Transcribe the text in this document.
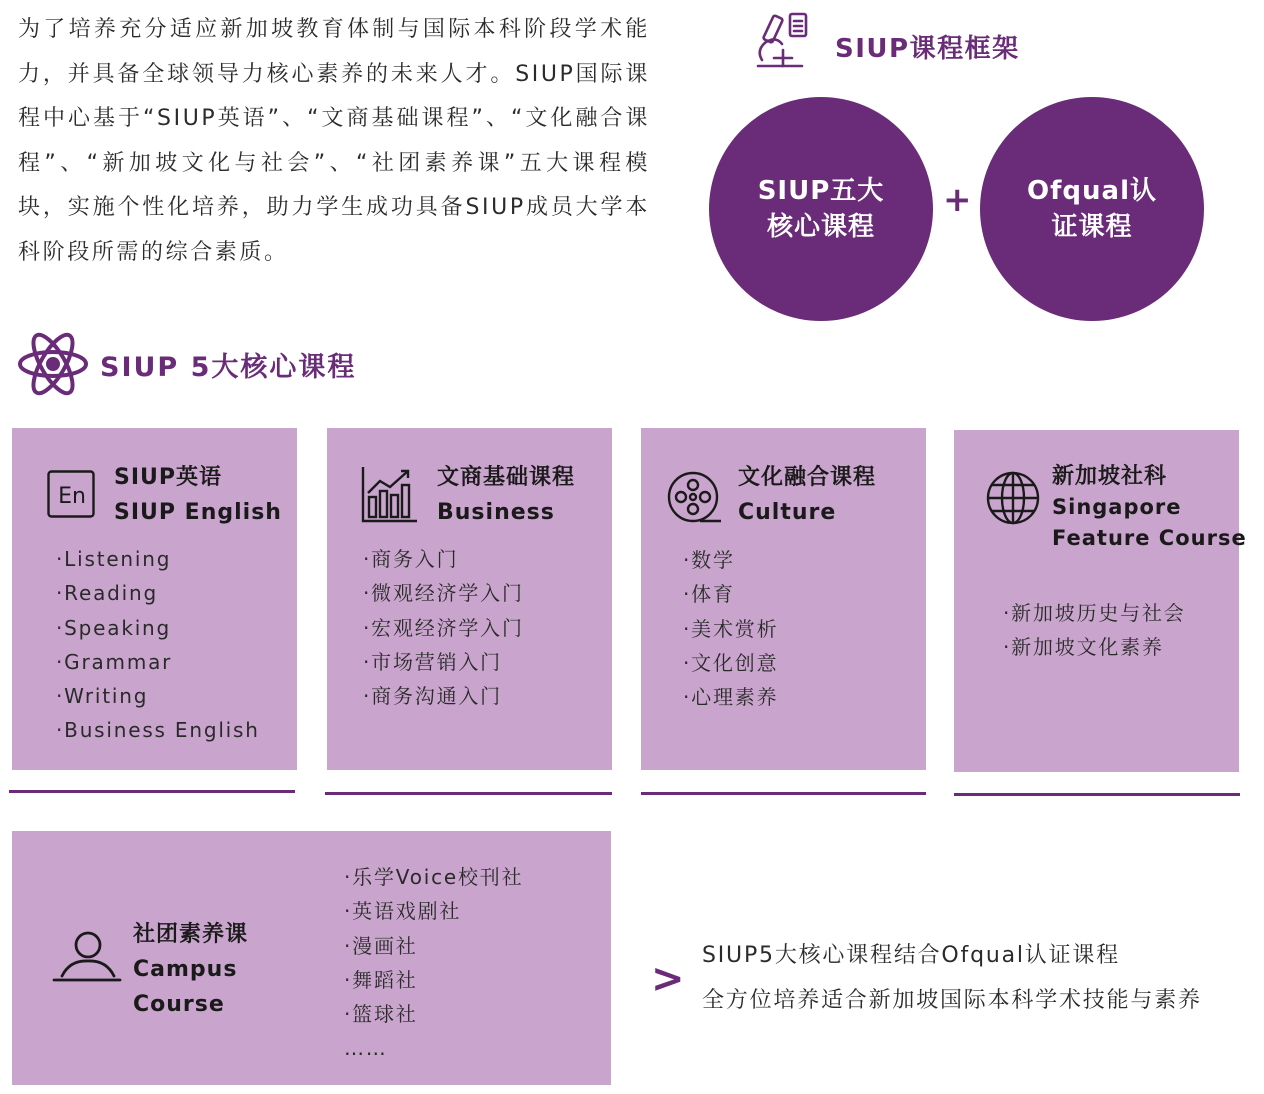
为了培养充分适应新加坡教育体制与国际本科阶段学术能力，并具备全球领导力核心素养的未来人才。SIUP国际课程中心基于“SIUP英语”、“文商基础课程”、“文化融合课程”、“新加坡文化与社会”、“社团素养课”五大课程模块，实施个性化培养，助力学生成功具备SIUP成员大学本科阶段所需的综合素质。

SIUP课程框架
SIUP五大核心课程
+	Ofqual认证课程
SIUP 5大核心课程
En
SIUP英语
SIUP English
· Listening
· Reading
· Speaking
· Grammar
· Writing
· Business English
文商基础课程
Business
· 商务入门
· 微观经济学入门
· 宏观经济学入门
· 市场营销入门
· 商务沟通入门
文化融合课程
Culture
· 数学
· 体育
· 美术赏析
· 文化创意
· 心理素养
新加坡社科
Singapore
Feature Course
· 新加坡历史与社会
· 新加坡文化素养
社团素养课
Campus
Course
· 乐学Voice校刊社
· 英语戏剧社
· 漫画社
· 舞蹈社
· 篮球社
……
>
SIUP5大核心课程结合Ofqual认证课程
全方位培养适合新加坡国际本科学术技能与素养
